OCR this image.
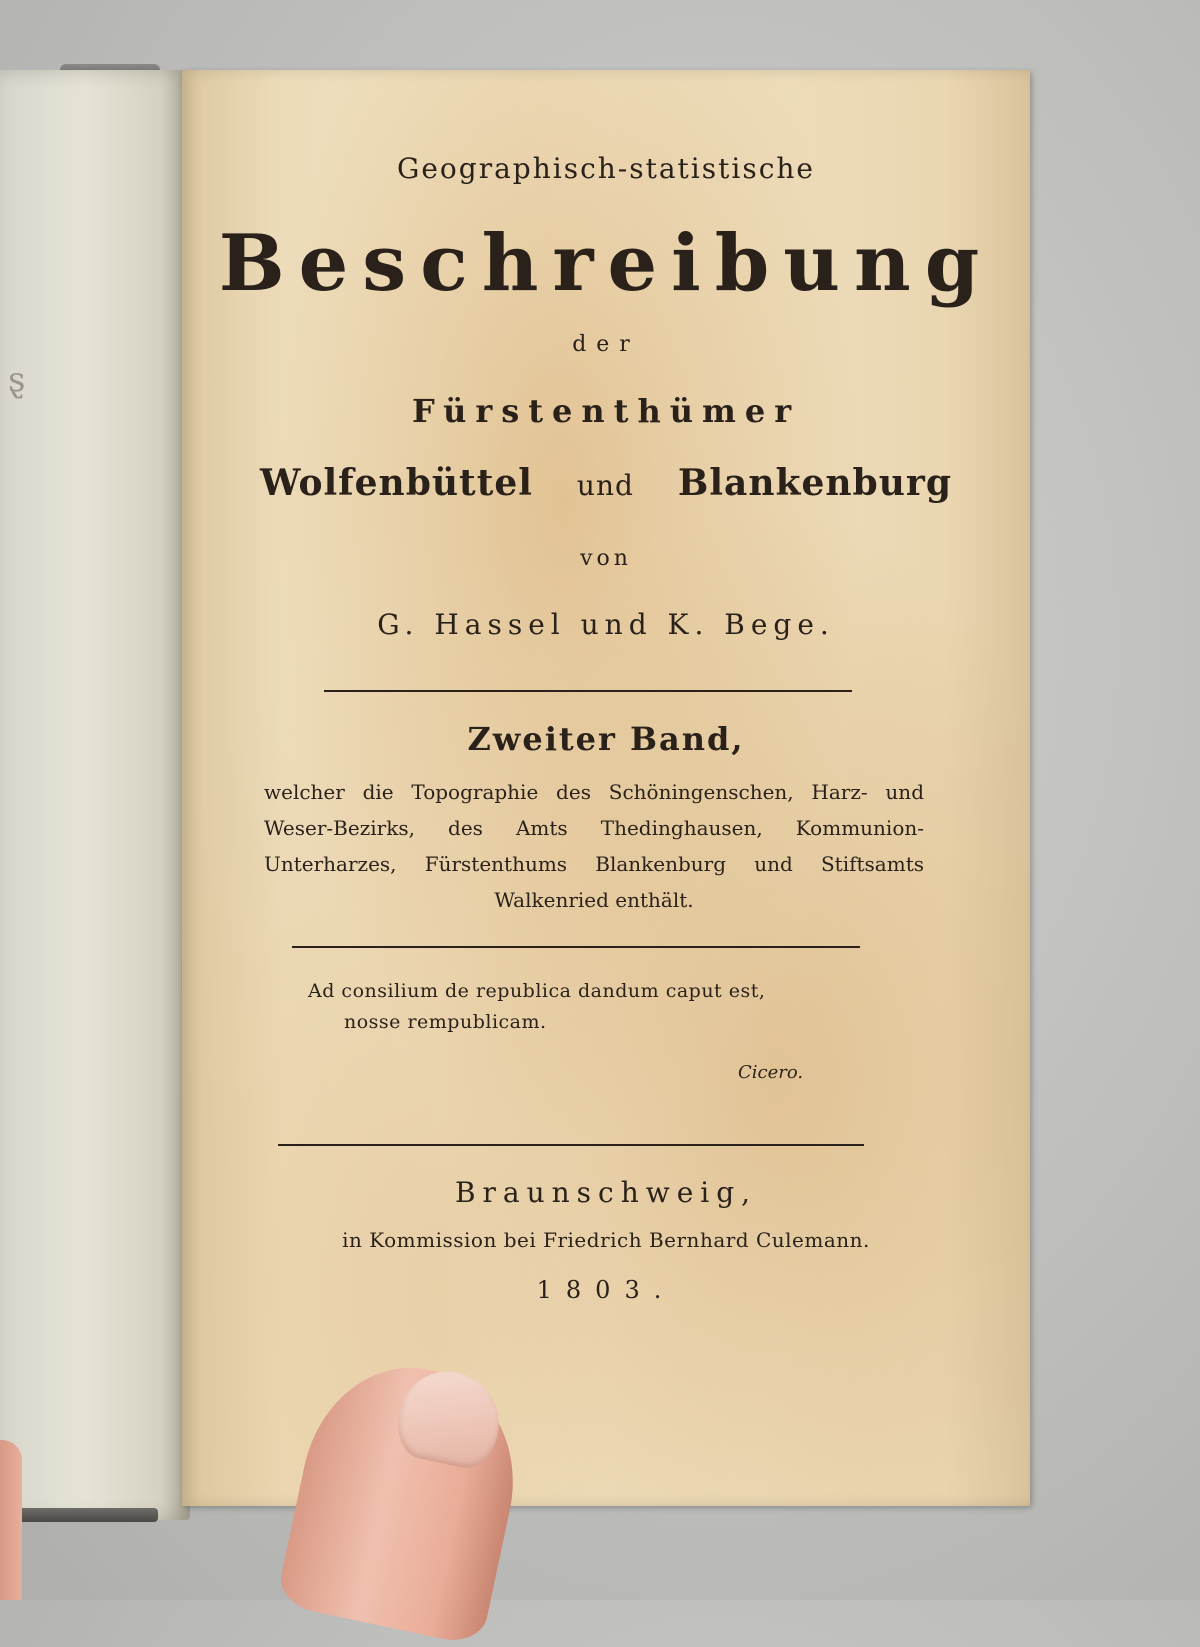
ȿ
Geographisch-statistische
Beschreibung
der
Fürstenthümer
Wolfenbüttel und Blankenburg
von
G. Hassel und K. Bege.
Zweiter Band,
welcher die Topographie des Schöningenschen, Harz- und Weser-Bezirks, des Amts Thedinghausen, Kommunion-Unterharzes, Fürstenthums Blankenburg und Stiftsamts Walkenried enthält.
Ad consilium de republica dandum caput est,
nosse rempublicam.
Cicero.
Braunschweig,
in Kommission bei Friedrich Bernhard Culemann.
1803.
